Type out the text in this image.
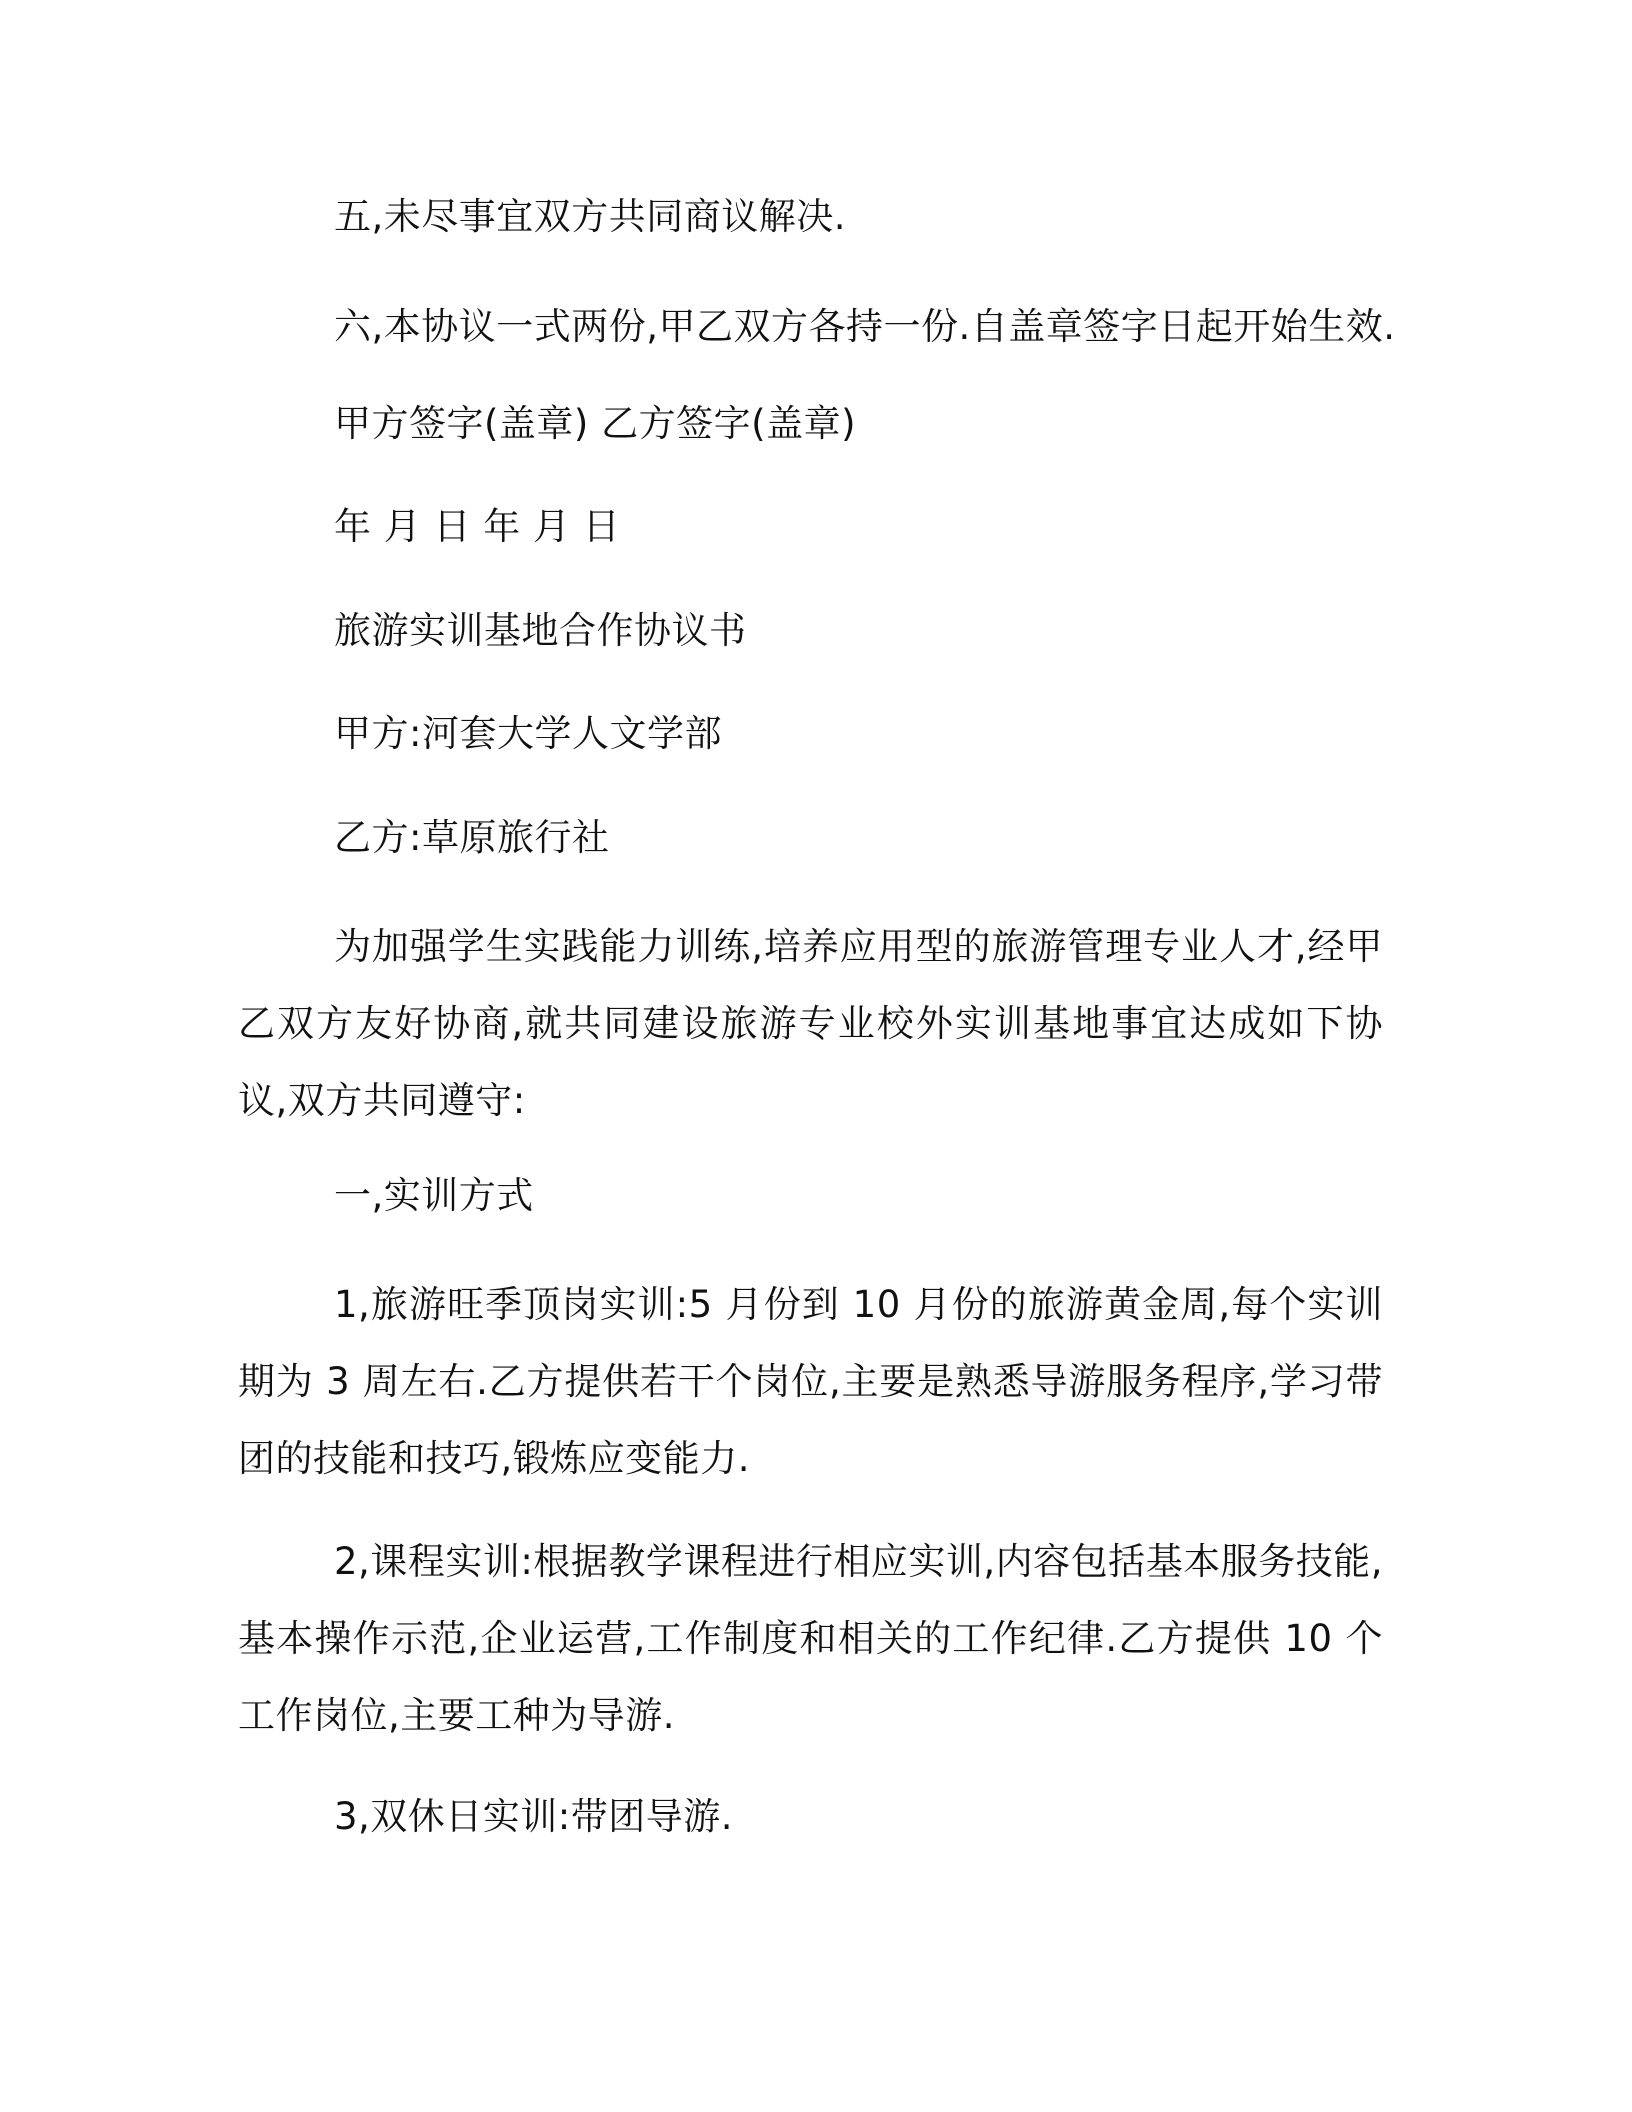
五,未尽事宜双方共同商议解决.
六,本协议一式两份,甲乙双方各持一份.自盖章签字日起开始生效.
甲方签字(盖章) 乙方签字(盖章)
年 月 日 年 月 日
旅游实训基地合作协议书
甲方:河套大学人文学部
乙方:草原旅行社
为加强学生实践能力训练,培养应用型的旅游管理专业人才,经甲乙双方友好协商,就共同建设旅游专业校外实训基地事宜达成如下协议,双方共同遵守:
一,实训方式
1,旅游旺季顶岗实训:5 月份到 10 月份的旅游黄金周,每个实训期为 3 周左右.乙方提供若干个岗位,主要是熟悉导游服务程序,学习带团的技能和技巧,锻炼应变能力.
2,课程实训:根据教学课程进行相应实训,内容包括基本服务技能,基本操作示范,企业运营,工作制度和相关的工作纪律.乙方提供 10 个工作岗位,主要工种为导游.
3,双休日实训:带团导游.
